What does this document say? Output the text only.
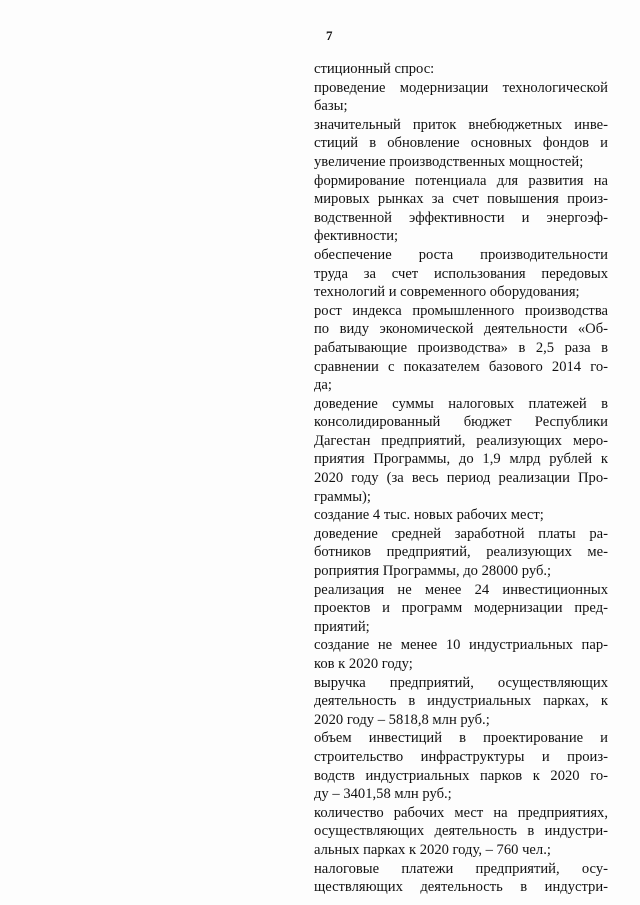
7
стиционный спрос:
проведение модернизации технологической
базы;
значительный приток внебюджетных инве-
стиций в обновление основных фондов и
увеличение производственных мощностей;
формирование потенциала для развития на
мировых рынках за счет повышения произ-
водственной эффективности и энергоэф-
фективности;
обеспечение роста производительности
труда за счет использования передовых
технологий и современного оборудования;
рост индекса промышленного производства
по виду экономической деятельности «Об-
рабатывающие производства» в 2,5 раза в
сравнении с показателем базового 2014 го-
да;
доведение суммы налоговых платежей в
консолидированный бюджет Республики
Дагестан предприятий, реализующих меро-
приятия Программы, до 1,9 млрд рублей к
2020 году (за весь период реализации Про-
граммы);
создание 4 тыс. новых рабочих мест;
доведение средней заработной платы ра-
ботников предприятий, реализующих ме-
роприятия Программы, до 28000 руб.;
реализация не менее 24 инвестиционных
проектов и программ модернизации пред-
приятий;
создание не менее 10 индустриальных пар-
ков к 2020 году;
выручка предприятий, осуществляющих
деятельность в индустриальных парках, к
2020 году – 5818,8 млн руб.;
объем инвестиций в проектирование и
строительство инфраструктуры и произ-
водств индустриальных парков к 2020 го-
ду – 3401,58 млн руб.;
количество рабочих мест на предприятиях,
осуществляющих деятельность в индустри-
альных парках к 2020 году, – 760 чел.;
налоговые платежи предприятий, осу-
ществляющих деятельность в индустри-
